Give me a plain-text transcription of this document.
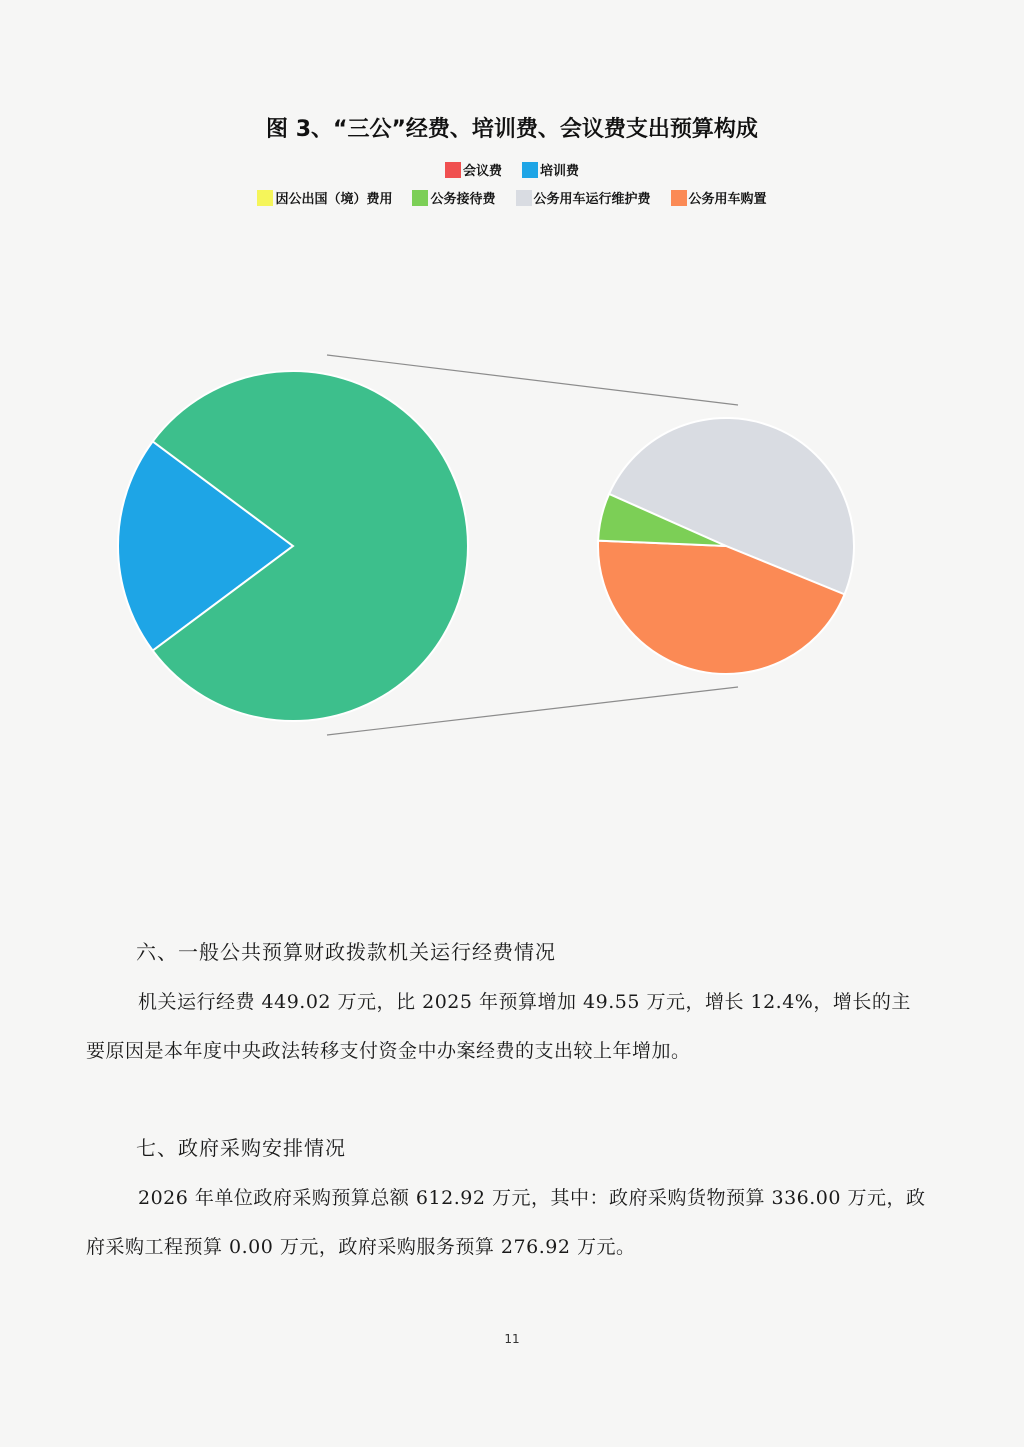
图 3、“三公”经费、培训费、会议费支出预算构成
会议费	培训费
因公出国（境）费用	公务接待费	公务用车运行维护费	公务用车购置
六、一般公共预算财政拨款机关运行经费情况

机关运行经费 449.02 万元，比 2025 年预算增加 49.55 万元，增长 12.4%，增长的主要原因是本年度中央政法转移支付资金中办案经费的支出较上年增加。

七、政府采购安排情况

2026 年单位政府采购预算总额 612.92 万元，其中：政府采购货物预算 336.00 万元，政府采购工程预算 0.00 万元，政府采购服务预算 276.92 万元。

11
